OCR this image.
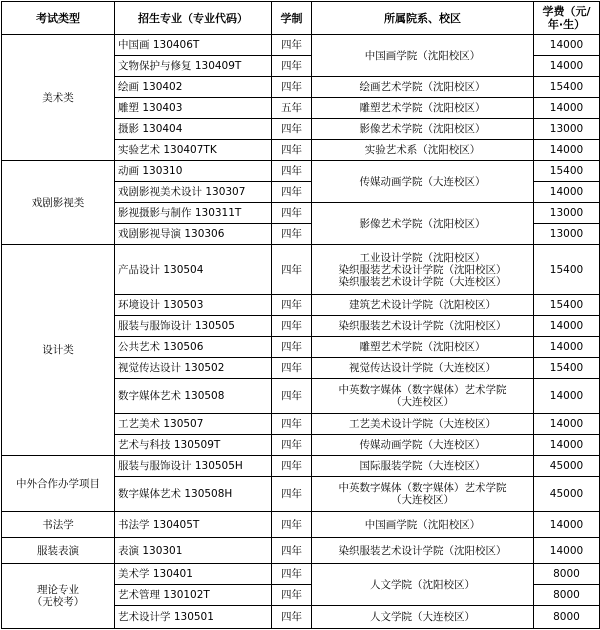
考试类型	招生专业（专业代码）	学制	所属院系、校区	学费（元/年·生）
美术类	中国画 130406T	四年	中国画学院（沈阳校区）	14000
	文物保护与修复 130409T	四年		14000
	绘画 130402	四年	绘画艺术学院（沈阳校区）	15400
	雕塑 130403	五年	雕塑艺术学院（沈阳校区）	14000
	摄影 130404	四年	影像艺术学院（沈阳校区）	13000
	实验艺术 130407TK	四年	实验艺术系（沈阳校区）	14000
戏剧影视类	动画 130310	四年	传媒动画学院（大连校区）	15400
	戏剧影视美术设计 130307	四年		14000
	影视摄影与制作 130311T	四年	影像艺术学院（沈阳校区）	13000
	戏剧影视导演 130306	四年		13000
设计类	产品设计 130504	四年	工业设计学院（沈阳校区）
染织服装艺术设计学院（沈阳校区）
染织服装艺术设计学院（大连校区）	15400
	环境设计 130503	四年	建筑艺术设计学院（沈阳校区）	15400
	服装与服饰设计 130505	四年	染织服装艺术设计学院（沈阳校区）	14000
	公共艺术 130506	四年	雕塑艺术学院（沈阳校区）	14000
	视觉传达设计 130502	四年	视觉传达设计学院（大连校区）	15400
	数字媒体艺术 130508	四年	中英数字媒体（数字媒体）艺术学院
（大连校区）	14000
	工艺美术 130507	四年	工艺美术设计学院（大连校区）	14000
	艺术与科技 130509T	四年	传媒动画学院（大连校区）	14000
中外合作办学项目	服装与服饰设计 130505H	四年	国际服装学院（大连校区）	45000
	数字媒体艺术 130508H	四年	中英数字媒体（数字媒体）艺术学院
（大连校区）	45000
书法学	书法学 130405T	四年	中国画学院（沈阳校区）	14000
服装表演	表演 130301	四年	染织服装艺术设计学院（沈阳校区）	14000

理论专业
（无校考）	美术学 130401	四年	人文学院（沈阳校区）	8000
	艺术管理 130102T	四年		8000
	艺术设计学 130501	四年	人文学院（大连校区）	8000
